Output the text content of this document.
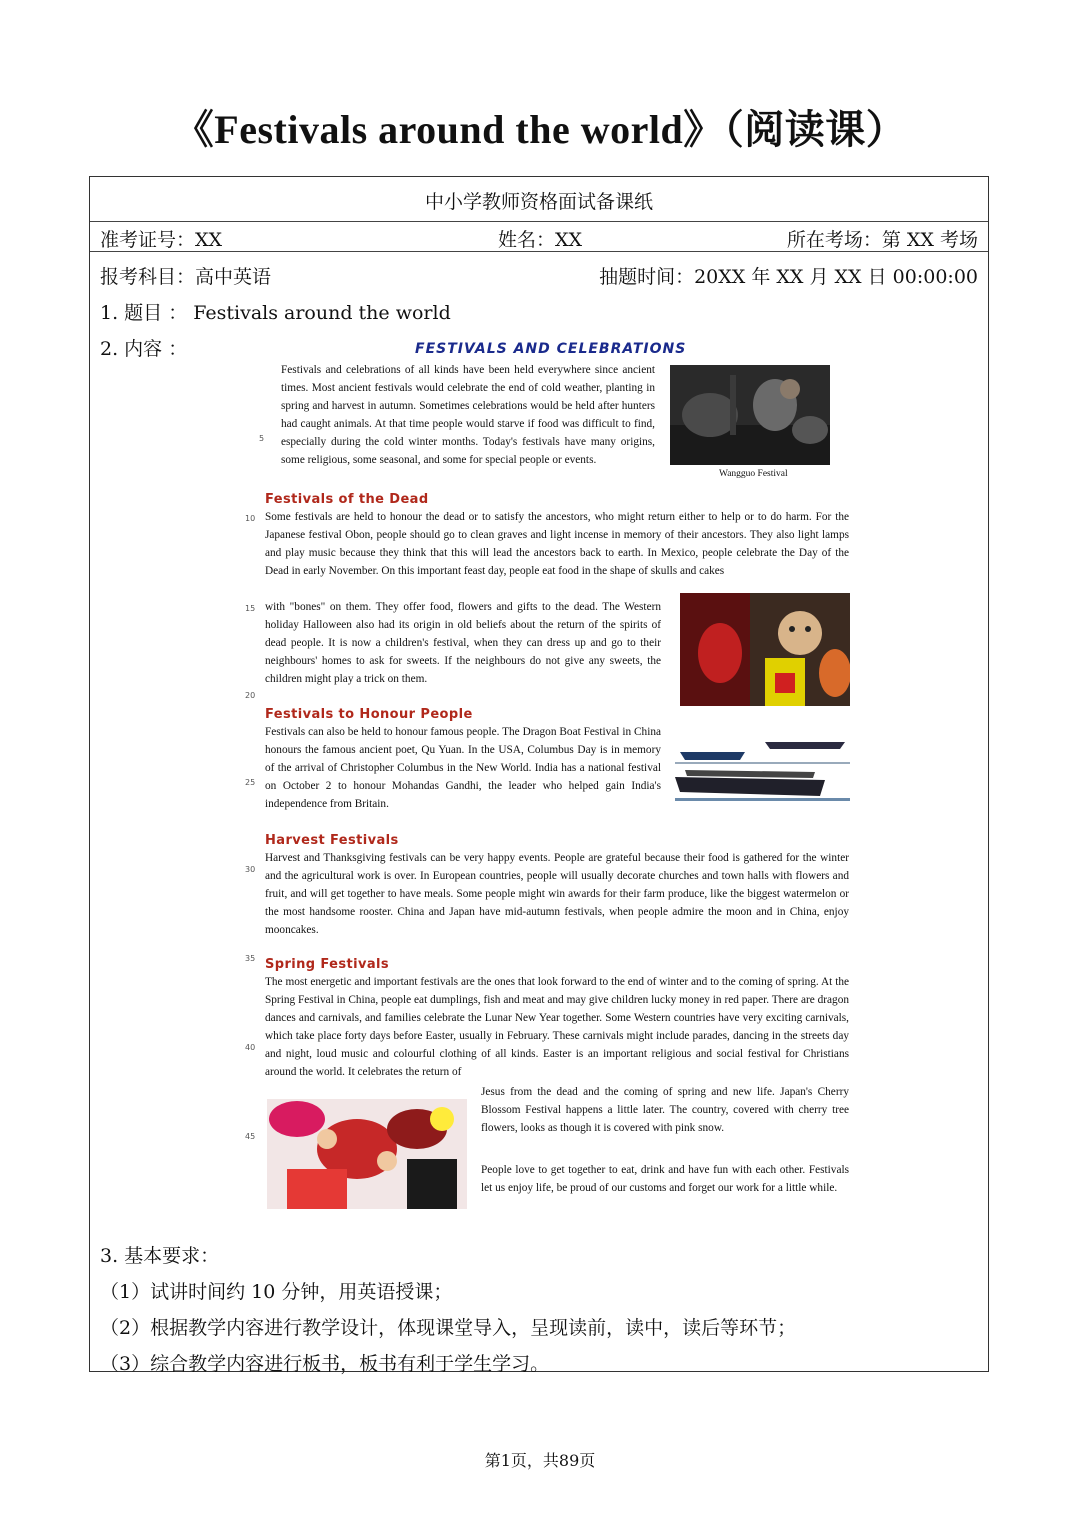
《Festivals around the world》（阅读课）
中小学教师资格面试备课纸
准考证号：XX	姓名：XX	所在考场：第 XX 考场
报考科目：高中英语	抽题时间：20XX 年 XX 月 XX 日 00:00:00
1. 题目 ： Festivals around the world
2. 内容 ：	FESTIVALS AND CELEBRATIONS
Festivals and celebrations of all kinds have been held everywhere since ancient times. Most ancient festivals would celebrate the end of cold weather, planting in spring and harvest in autumn. Sometimes celebrations would be held after hunters had caught animals. At that time people would starve if food was difficult to find, especially during the cold winter months. Today's festivals have many origins, some religious, some seasonal, and some for special people or events.
5
Wangguo Festival
Festivals of the Dead
Some festivals are held to honour the dead or to satisfy the ancestors, who might return either to help or to do harm. For the Japanese festival Obon, people should go to clean graves and light incense in memory of their ancestors. They also light lamps and play music because they think that this will lead the ancestors back to earth. In Mexico, people celebrate the Day of the Dead in early November. On this important feast day, people eat food in the shape of skulls and cakes
10
with "bones" on them. They offer food, flowers and gifts to the dead. The Western holiday Halloween also had its origin in old beliefs about the return of the spirits of dead people. It is now a children's festival, when they can dress up and go to their neighbours' homes to ask for sweets. If the neighbours do not give any sweets, the children might play a trick on them.
15
20
Festivals to Honour People
Festivals can also be held to honour famous people. The Dragon Boat Festival in China honours the famous ancient poet, Qu Yuan. In the USA, Columbus Day is in memory of the arrival of Christopher Columbus in the New World. India has a national festival on October 2 to honour Mohandas Gandhi, the leader who helped gain India's independence from Britain.
25
Harvest Festivals
Harvest and Thanksgiving festivals can be very happy events. People are grateful because their food is gathered for the winter and the agricultural work is over. In European countries, people will usually decorate churches and town halls with flowers and fruit, and will get together to have meals. Some people might win awards for their farm produce, like the biggest watermelon or the most handsome rooster. China and Japan have mid-autumn festivals, when people admire the moon and in China, enjoy mooncakes.
30
35 Spring Festivals
The most energetic and important festivals are the ones that look forward to the end of winter and to the coming of spring. At the Spring Festival in China, people eat dumplings, fish and meat and may give children lucky money in red paper. There are dragon dances and carnivals, and families celebrate the Lunar New Year together. Some Western countries have very exciting carnivals, which take place forty days before Easter, usually in February. These carnivals might include parades, dancing in the streets day and night, loud music and colourful clothing of all kinds. Easter is an important religious and social festival for Christians around the world. It celebrates the return of
40
45
Jesus from the dead and the coming of spring and new life. Japan's Cherry Blossom Festival happens a little later. The country, covered with cherry tree flowers, looks as though it is covered with pink snow.
People love to get together to eat, drink and have fun with each other. Festivals let us enjoy life, be proud of our customs and forget our work for a little while.
3. 基本要求：
（1）试讲时间约 10 分钟，用英语授课；
（2）根据教学内容进行教学设计，体现课堂导入，呈现读前，读中，读后等环节；
（3）综合教学内容进行板书，板书有利于学生学习。
第1页，共89页
